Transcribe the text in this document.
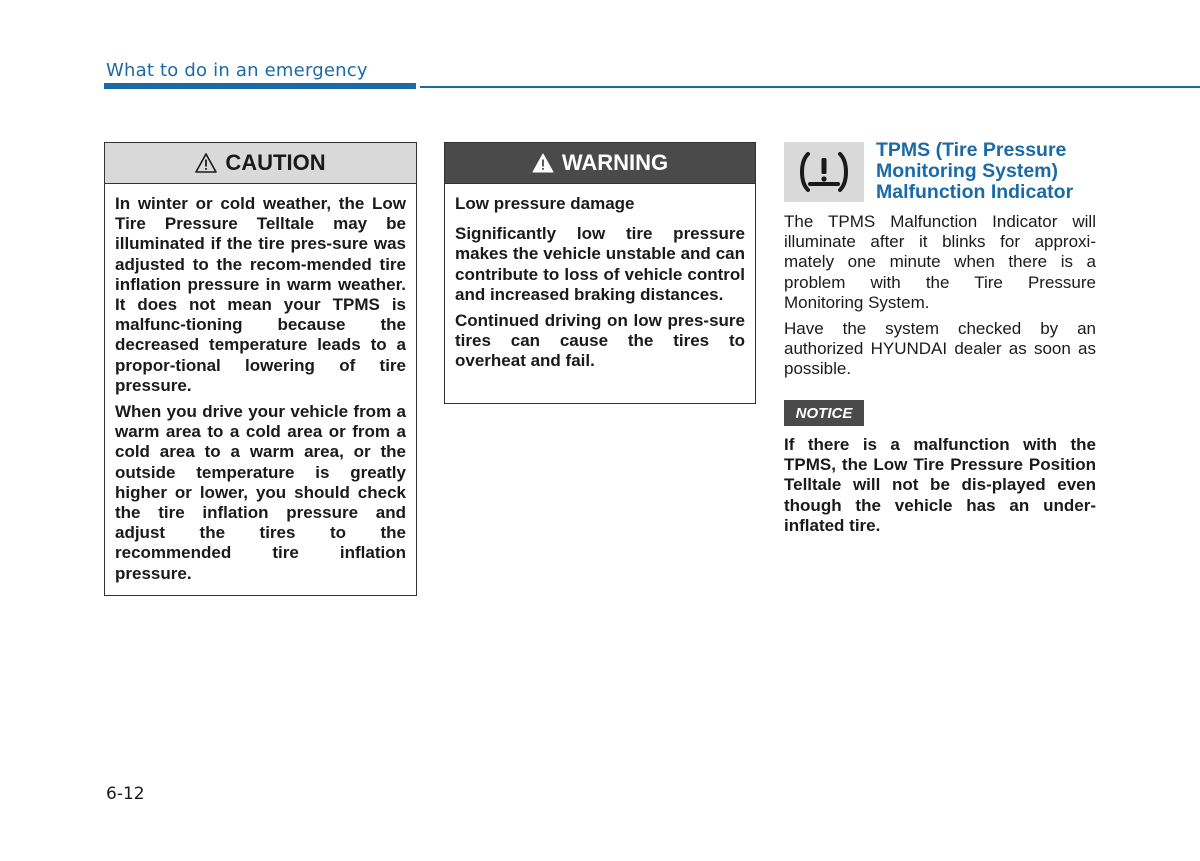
What to do in an emergency
CAUTION

In winter or cold weather, the Low Tire Pressure Telltale may be illuminated if the tire pres-sure was adjusted to the recom-mended tire inflation pressure in warm weather. It does not mean your TPMS is malfunc-tioning because the decreased temperature leads to a propor-tional lowering of tire pressure.

When you drive your vehicle from a warm area to a cold area or from a cold area to a warm area, or the outside temperature is greatly higher or lower, you should check the tire inflation pressure and adjust the tires to the recommended tire inflation pressure.

WARNING

Low pressure damage

Significantly low tire pressure makes the vehicle unstable and can contribute to loss of vehicle control and increased braking distances.

Continued driving on low pres-sure tires can cause the tires to overheat and fail.

TPMS (Tire Pressure Monitoring System) Malfunction Indicator

The TPMS Malfunction Indicator will illuminate after it blinks for approxi-mately one minute when there is a problem with the Tire Pressure Monitoring System.

Have the system checked by an authorized HYUNDAI dealer as soon as possible.

NOTICE
If there is a malfunction with the TPMS, the Low Tire Pressure Position Telltale will not be dis-played even though the vehicle has an under-inflated tire.
6-12
